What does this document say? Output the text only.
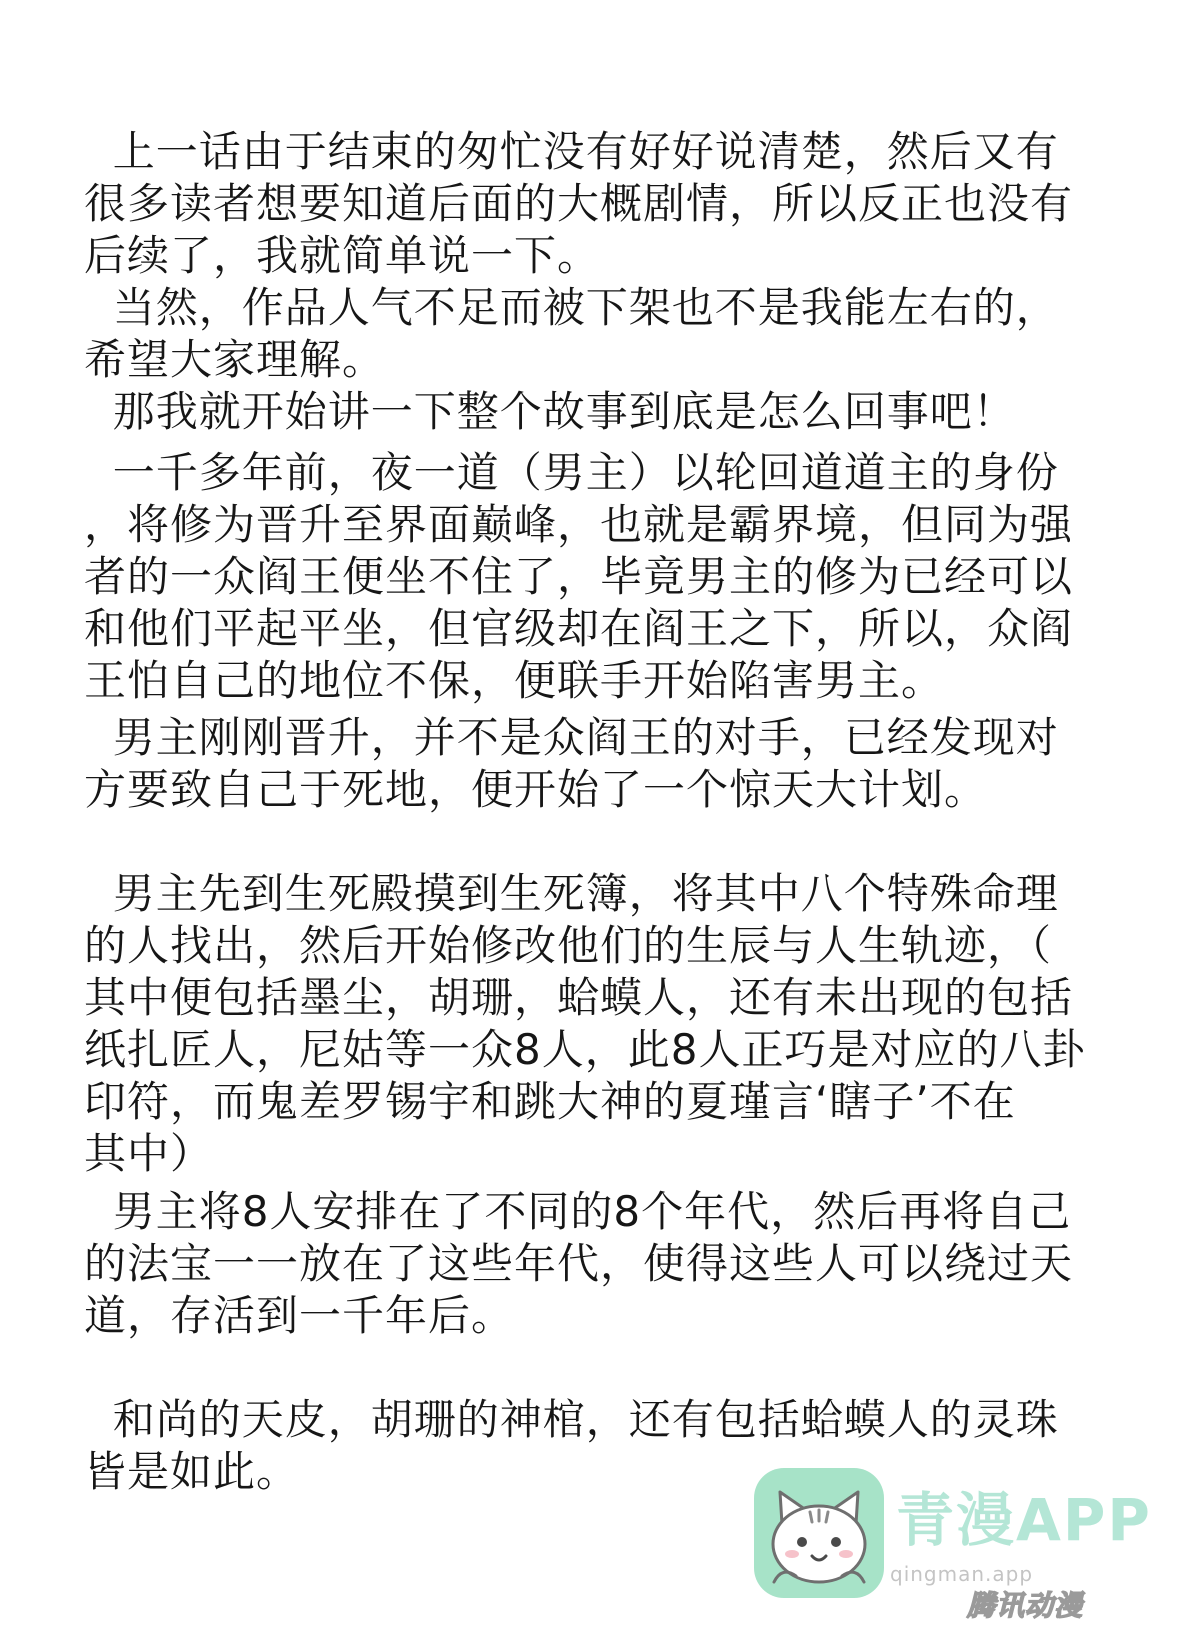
上一话由于结束的匆忙没有好好说清楚，然后又有
很多读者想要知道后面的大概剧情，所以反正也没有
后续了，我就简单说一下。
当然，作品人气不足而被下架也不是我能左右的，
希望大家理解。
那我就开始讲一下整个故事到底是怎么回事吧！

一千多年前，夜一道（男主）以轮回道道主的身份
，将修为晋升至界面巅峰，也就是霸界境，但同为强
者的一众阎王便坐不住了，毕竟男主的修为已经可以
和他们平起平坐，但官级却在阎王之下，所以，众阎
王怕自己的地位不保，便联手开始陷害男主。

男主刚刚晋升，并不是众阎王的对手，已经发现对
方要致自己于死地，便开始了一个惊天大计划。

男主先到生死殿摸到生死簿，将其中八个特殊命理
的人找出，然后开始修改他们的生辰与人生轨迹，（
其中便包括墨尘，胡珊，蛤蟆人，还有未出现的包括
纸扎匠人，尼姑等一众8人，此8人正巧是对应的八卦
印符，而鬼差罗锡宇和跳大神的夏瑾言‘瞎子’不在
其中）

男主将8人安排在了不同的8个年代，然后再将自己
的法宝一一放在了这些年代，使得这些人可以绕过天
道，存活到一千年后。

和尚的天皮，胡珊的神棺，还有包括蛤蟆人的灵珠
皆是如此。

青漫APP
qingman.app
腾讯动漫
